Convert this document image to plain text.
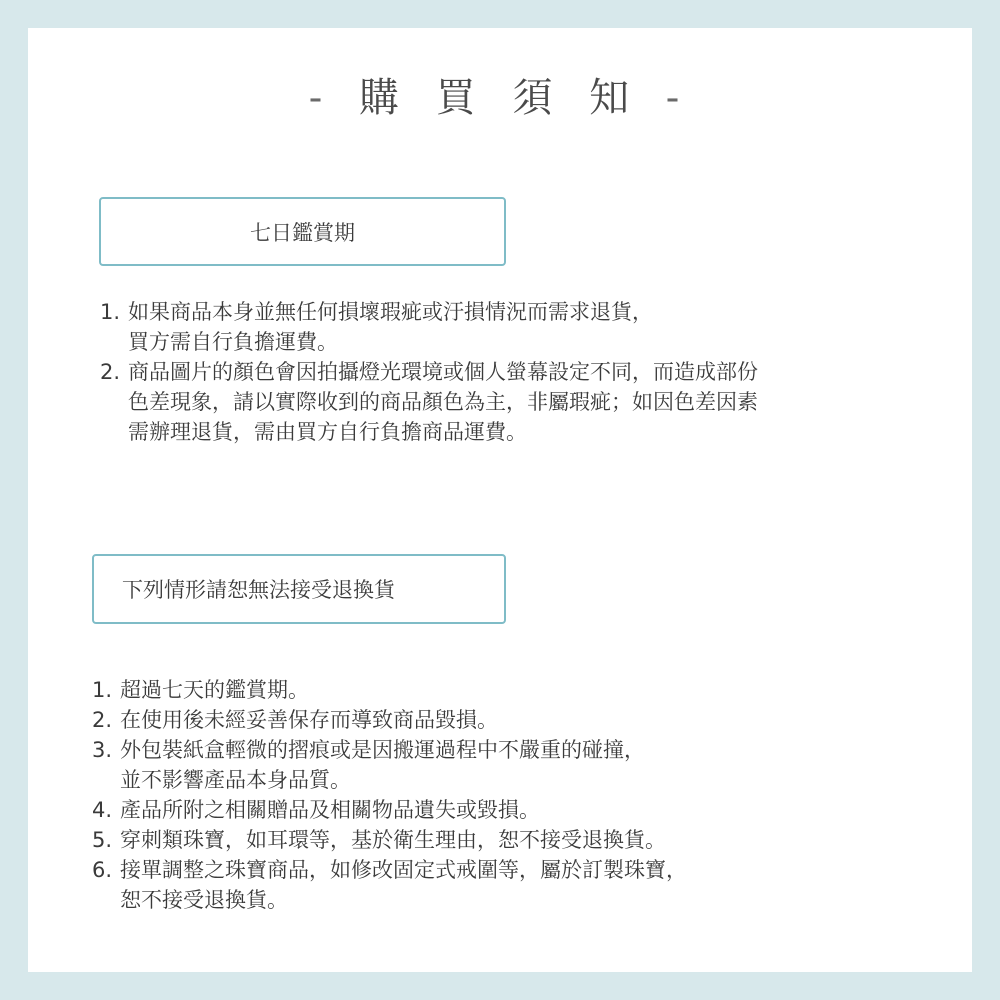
- 購 買 須 知 -
七日鑑賞期
1. 如果商品本身並無任何損壞瑕疵或汙損情況而需求退貨，
買方需自行負擔運費。
2. 商品圖片的顏色會因拍攝燈光環境或個人螢幕設定不同，而造成部份
色差現象，請以實際收到的商品顏色為主，非屬瑕疵；如因色差因素
需辦理退貨，需由買方自行負擔商品運費。
下列情形請恕無法接受退換貨
1. 超過七天的鑑賞期。
2. 在使用後未經妥善保存而導致商品毀損。
3. 外包裝紙盒輕微的摺痕或是因搬運過程中不嚴重的碰撞，
並不影響產品本身品質。
4. 產品所附之相關贈品及相關物品遺失或毀損。
5. 穿刺類珠寶，如耳環等，基於衛生理由，恕不接受退換貨。
6. 接單調整之珠寶商品，如修改固定式戒圍等，屬於訂製珠寶，
恕不接受退換貨。
